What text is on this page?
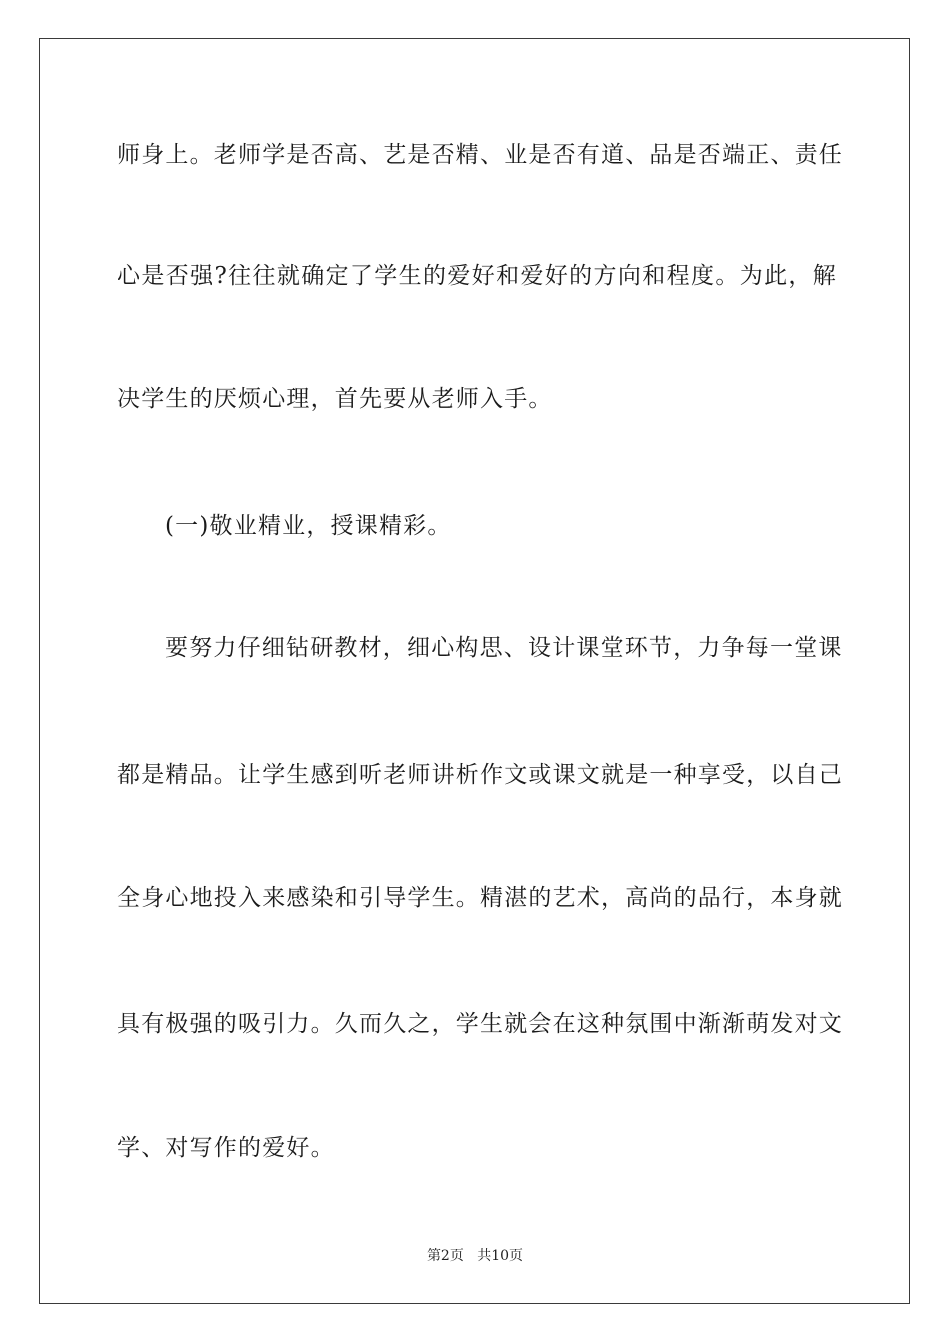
师身上。老师学是否高、艺是否精、业是否有道、品是否端正、责任
心是否强?往往就确定了学生的爱好和爱好的方向和程度。为此，解
决学生的厌烦心理，首先要从老师入手。
(一)敬业精业，授课精彩。
要努力仔细钻研教材，细心构思、设计课堂环节，力争每一堂课
都是精品。让学生感到听老师讲析作文或课文就是一种享受，以自己
全身心地投入来感染和引导学生。精湛的艺术，高尚的品行，本身就
具有极强的吸引力。久而久之，学生就会在这种氛围中渐渐萌发对文
学、对写作的爱好。
第2页 共10页
